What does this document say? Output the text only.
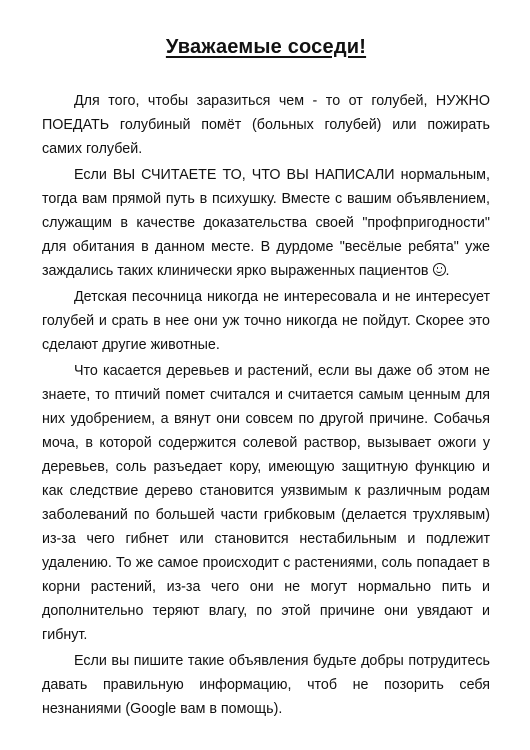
Уважаемые соседи!

Для того, чтобы заразиться чем - то от голубей, НУЖНО ПОЕДАТЬ голубиный помёт (больных голубей) или пожирать самих голубей.

Если ВЫ СЧИТАЕТЕ ТО, ЧТО ВЫ НАПИСАЛИ нормальным, тогда вам прямой путь в психушку. Вместе с вашим объявлением, служащим в качестве доказательства своей "профпригодности" для обитания в данном месте. В дурдоме "весёлые ребята" уже заждались таких клинически ярко выраженных пациентов .

Детская песочница никогда не интересовала и не интересует голубей и срать в нее они уж точно никогда не пойдут. Скорее это сделают другие животные.

Что касается деревьев и растений, если вы даже об этом не знаете, то птичий помет считался и считается самым ценным для них удобрением, а вянут они совсем по другой причине. Собачья моча, в которой содержится солевой раствор, вызывает ожоги у деревьев, соль разъедает кору, имеющую защитную функцию и как следствие дерево становится уязвимым к различным родам заболеваний по большей части грибковым (делается трухлявым) из-за чего гибнет или становится нестабильным и подлежит удалению. То же самое происходит с растениями, соль попадает в корни растений, из-за чего они не могут нормально пить и дополнительно теряют влагу, по этой причине они увядают и гибнут.

Если вы пишите такие объявления будьте добры потрудитесь давать правильную информацию, чтоб не позорить себя незнаниями (Google вам в помощь).
